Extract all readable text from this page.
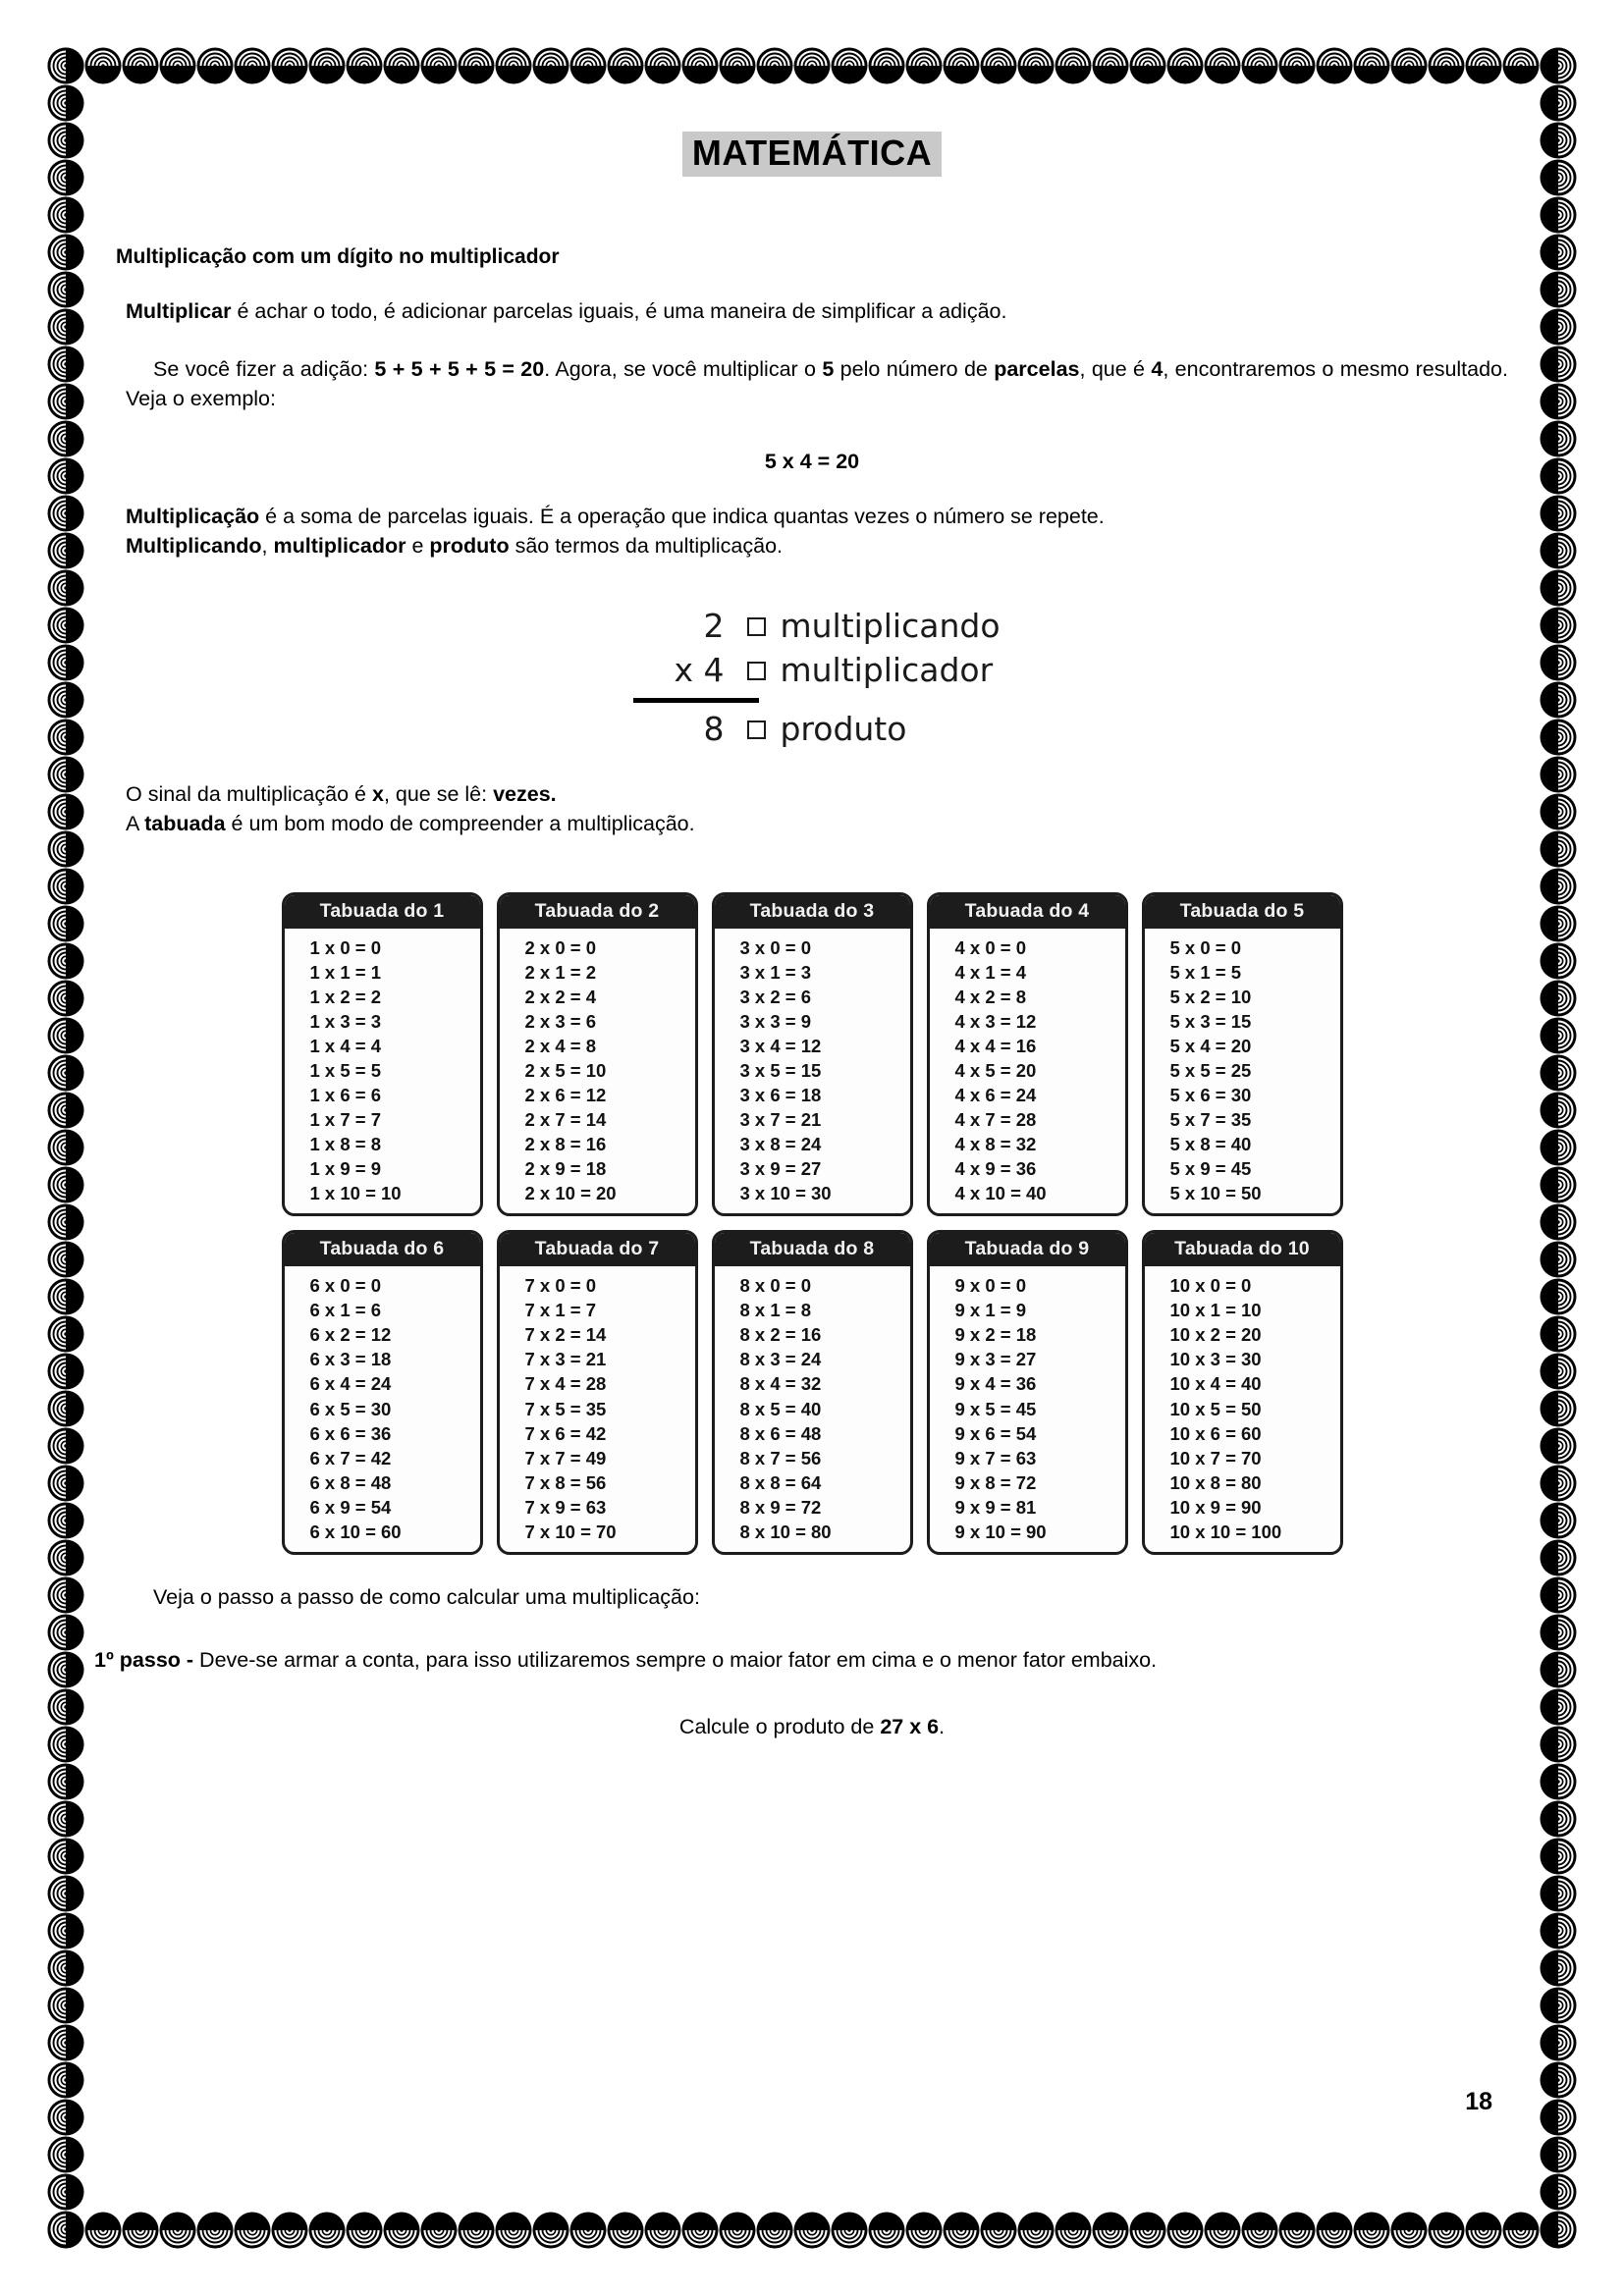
MATEMÁTICA
Multiplicação com um dígito no multiplicador

Multiplicar é achar o todo, é adicionar parcelas iguais, é uma maneira de simplificar a adição.

Se você fizer a adição: 5 + 5 + 5 + 5 = 20. Agora, se você multiplicar o 5 pelo número de parcelas, que é 4, encontraremos o mesmo resultado. Veja o exemplo:

5 x 4 = 20

Multiplicação é a soma de parcelas iguais. É a operação que indica quantas vezes o número se repete.
Multiplicando, multiplicador e produto são termos da multiplicação.

2 multiplicando
x 4 multiplicador
8 produto

O sinal da multiplicação é x, que se lê: vezes.
A tabuada é um bom modo de compreender a multiplicação.

Tabuada do 1
1 x 0 = 0
1 x 1 = 1
1 x 2 = 2
1 x 3 = 3
1 x 4 = 4
1 x 5 = 5
1 x 6 = 6
1 x 7 = 7
1 x 8 = 8
1 x 9 = 9
1 x 10 = 10
Tabuada do 2
2 x 0 = 0
2 x 1 = 2
2 x 2 = 4
2 x 3 = 6
2 x 4 = 8
2 x 5 = 10
2 x 6 = 12
2 x 7 = 14
2 x 8 = 16
2 x 9 = 18
2 x 10 = 20
Tabuada do 3
3 x 0 = 0
3 x 1 = 3
3 x 2 = 6
3 x 3 = 9
3 x 4 = 12
3 x 5 = 15
3 x 6 = 18
3 x 7 = 21
3 x 8 = 24
3 x 9 = 27
3 x 10 = 30
Tabuada do 4
4 x 0 = 0
4 x 1 = 4
4 x 2 = 8
4 x 3 = 12
4 x 4 = 16
4 x 5 = 20
4 x 6 = 24
4 x 7 = 28
4 x 8 = 32
4 x 9 = 36
4 x 10 = 40
Tabuada do 5
5 x 0 = 0
5 x 1 = 5
5 x 2 = 10
5 x 3 = 15
5 x 4 = 20
5 x 5 = 25
5 x 6 = 30
5 x 7 = 35
5 x 8 = 40
5 x 9 = 45
5 x 10 = 50
Tabuada do 6
6 x 0 = 0
6 x 1 = 6
6 x 2 = 12
6 x 3 = 18
6 x 4 = 24
6 x 5 = 30
6 x 6 = 36
6 x 7 = 42
6 x 8 = 48
6 x 9 = 54
6 x 10 = 60
Tabuada do 7
7 x 0 = 0
7 x 1 = 7
7 x 2 = 14
7 x 3 = 21
7 x 4 = 28
7 x 5 = 35
7 x 6 = 42
7 x 7 = 49
7 x 8 = 56
7 x 9 = 63
7 x 10 = 70
Tabuada do 8
8 x 0 = 0
8 x 1 = 8
8 x 2 = 16
8 x 3 = 24
8 x 4 = 32
8 x 5 = 40
8 x 6 = 48
8 x 7 = 56
8 x 8 = 64
8 x 9 = 72
8 x 10 = 80
Tabuada do 9
9 x 0 = 0
9 x 1 = 9
9 x 2 = 18
9 x 3 = 27
9 x 4 = 36
9 x 5 = 45
9 x 6 = 54
9 x 7 = 63
9 x 8 = 72
9 x 9 = 81
9 x 10 = 90
Tabuada do 10
10 x 0 = 0
10 x 1 = 10
10 x 2 = 20
10 x 3 = 30
10 x 4 = 40
10 x 5 = 50
10 x 6 = 60
10 x 7 = 70
10 x 8 = 80
10 x 9 = 90
10 x 10 = 100

Veja o passo a passo de como calcular uma multiplicação:

1º passo - Deve-se armar a conta, para isso utilizaremos sempre o maior fator em cima e o menor fator embaixo.

Calcule o produto de 27 x 6.
18
